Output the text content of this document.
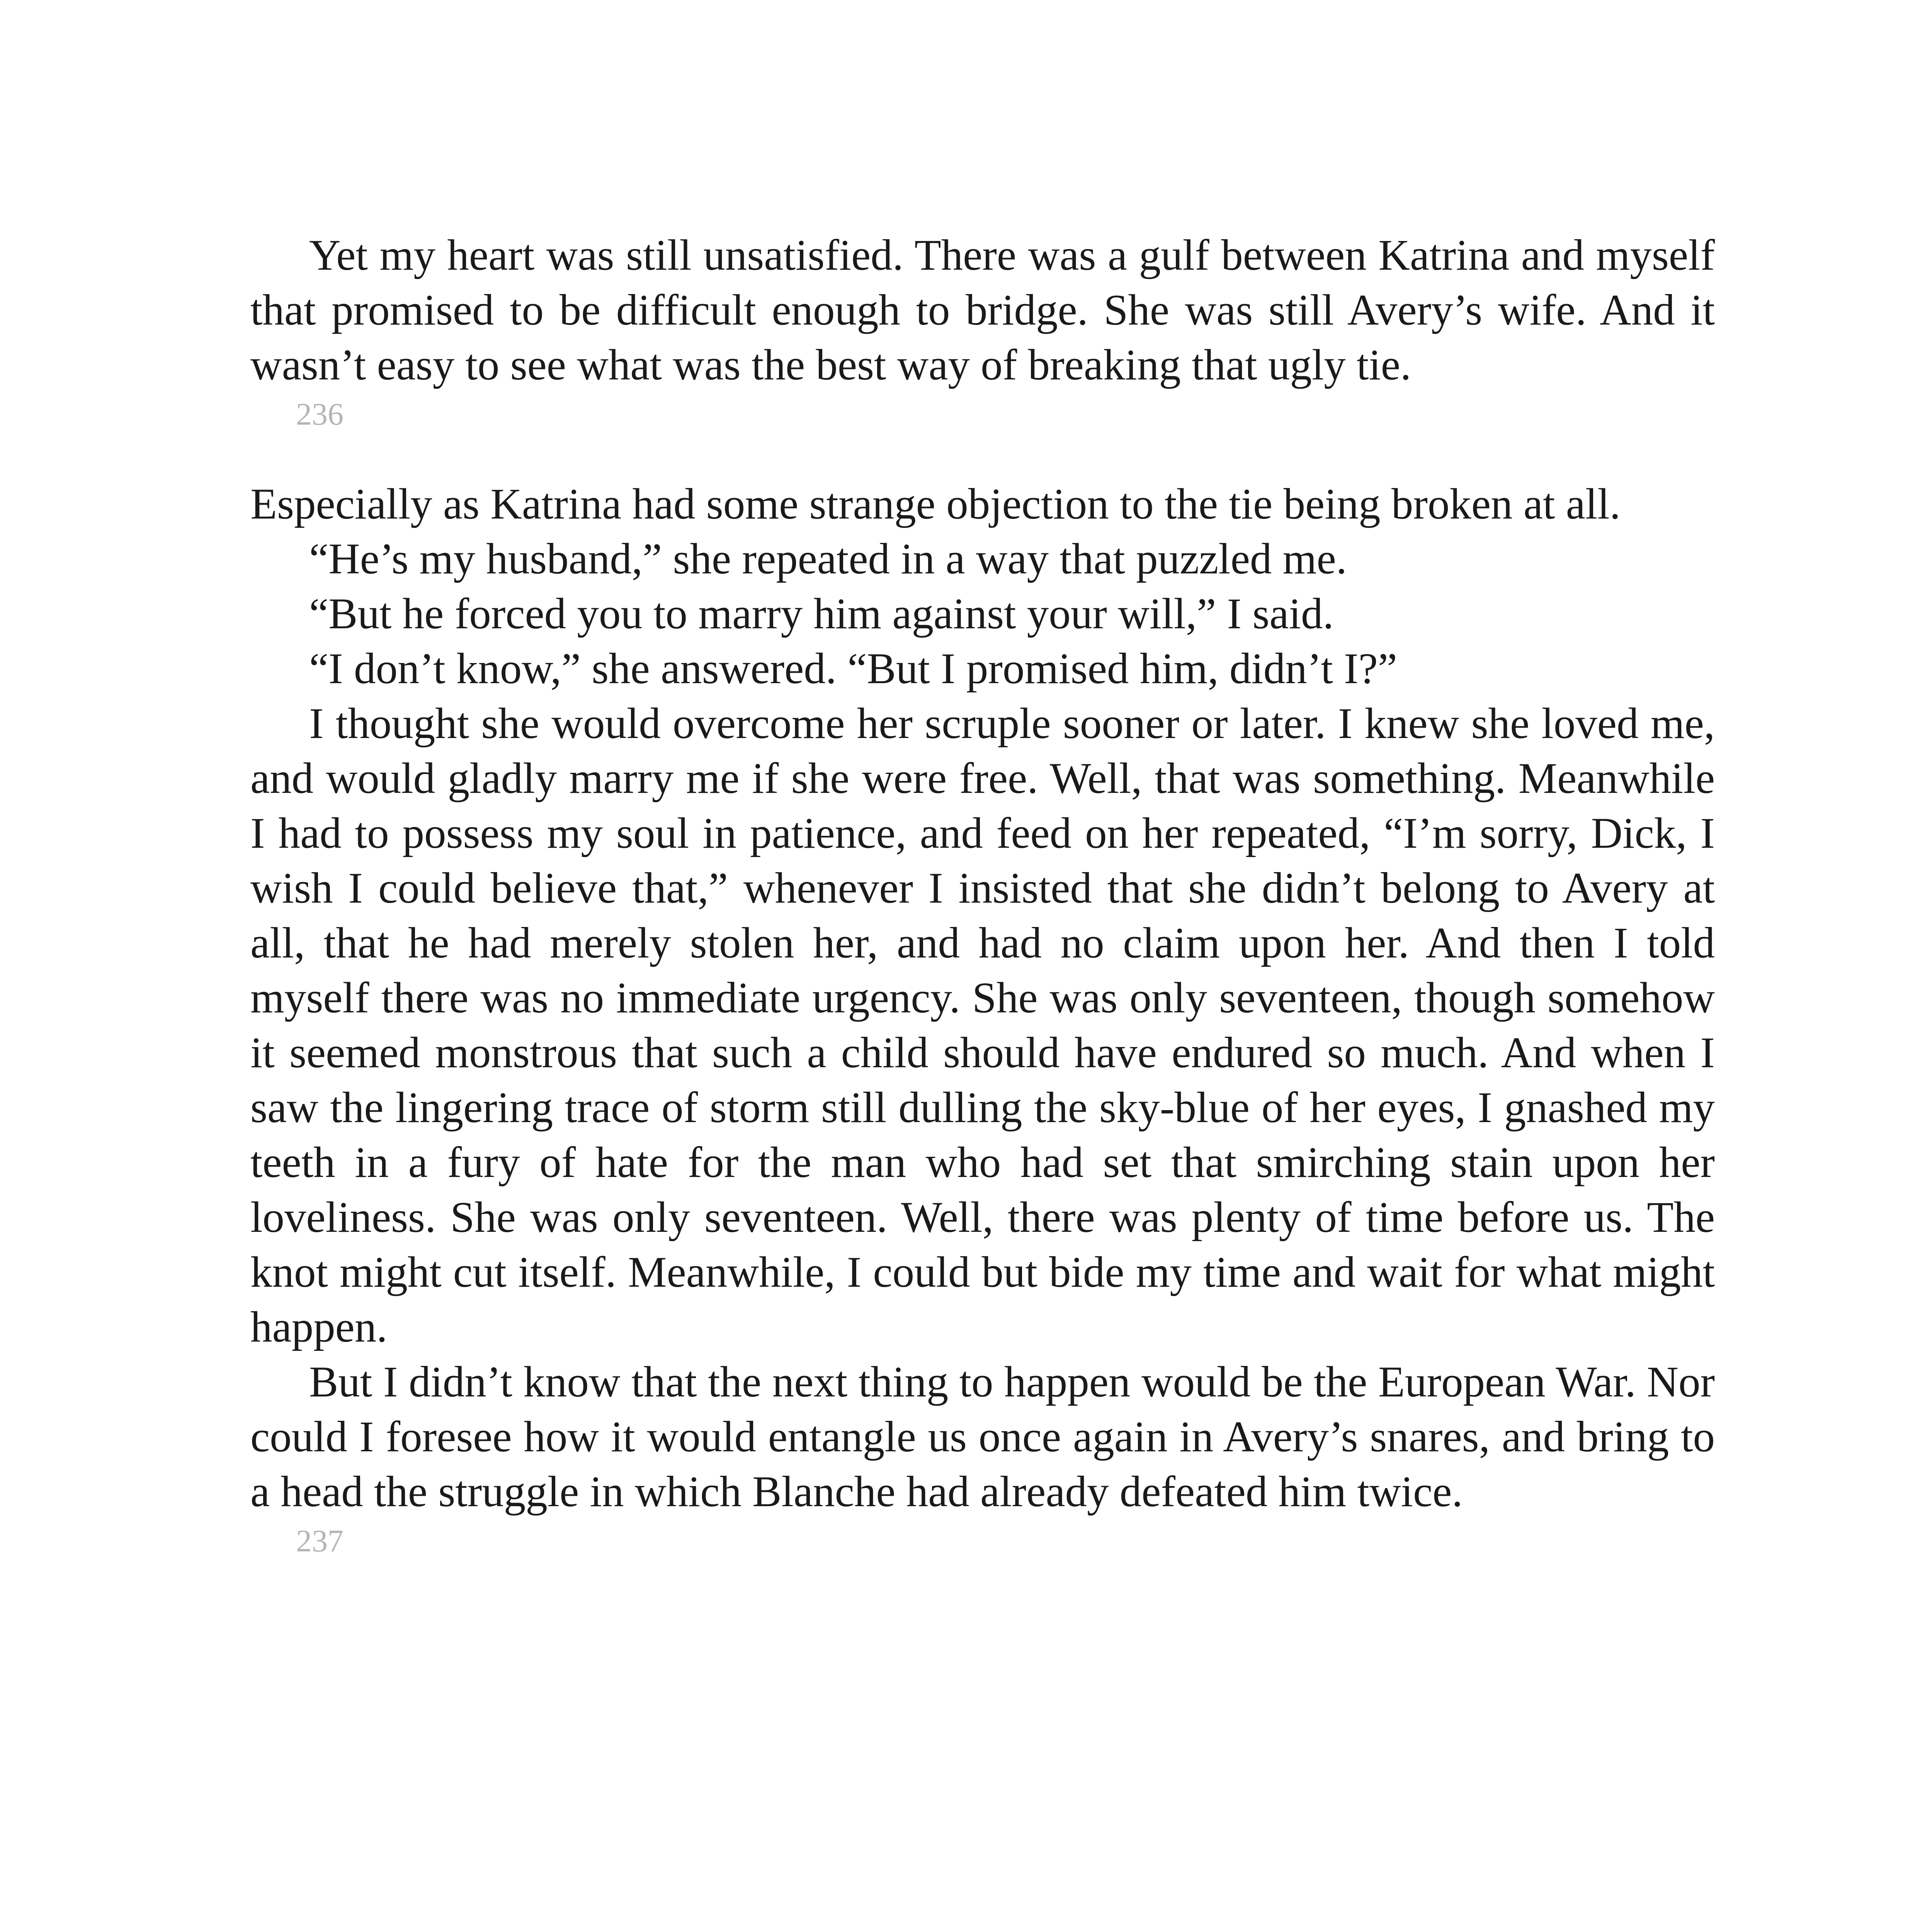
Yet my heart was still unsatisfied. There was a gulf between Katrina and myself that promised to be difficult enough to bridge. She was still Avery’s wife. And it wasn’t easy to see what was the best way of breaking that ugly tie.

236

Especially as Katrina had some strange objection to the tie being broken at all.

“He’s my husband,” she repeated in a way that puzzled me.

“But he forced you to marry him against your will,” I said.

“I don’t know,” she answered. “But I promised him, didn’t I?”

I thought she would overcome her scruple sooner or later. I knew she loved me, and would gladly marry me if she were free. Well, that was something. Meanwhile I had to possess my soul in patience, and feed on her repeated, “I’m sorry, Dick, I wish I could believe that,” whenever I insisted that she didn’t belong to Avery at all, that he had merely stolen her, and had no claim upon her. And then I told myself there was no immediate urgency. She was only seventeen, though somehow it seemed monstrous that such a child should have endured so much. And when I saw the lingering trace of storm still dulling the sky-blue of her eyes, I gnashed my teeth in a fury of hate for the man who had set that smirching stain upon her loveliness. She was only seventeen. Well, there was plenty of time before us. The knot might cut itself. Meanwhile, I could but bide my time and wait for what might happen.

But I didn’t know that the next thing to happen would be the European War. Nor could I foresee how it would entangle us once again in Avery’s snares, and bring to a head the struggle in which Blanche had already defeated him twice.

237
